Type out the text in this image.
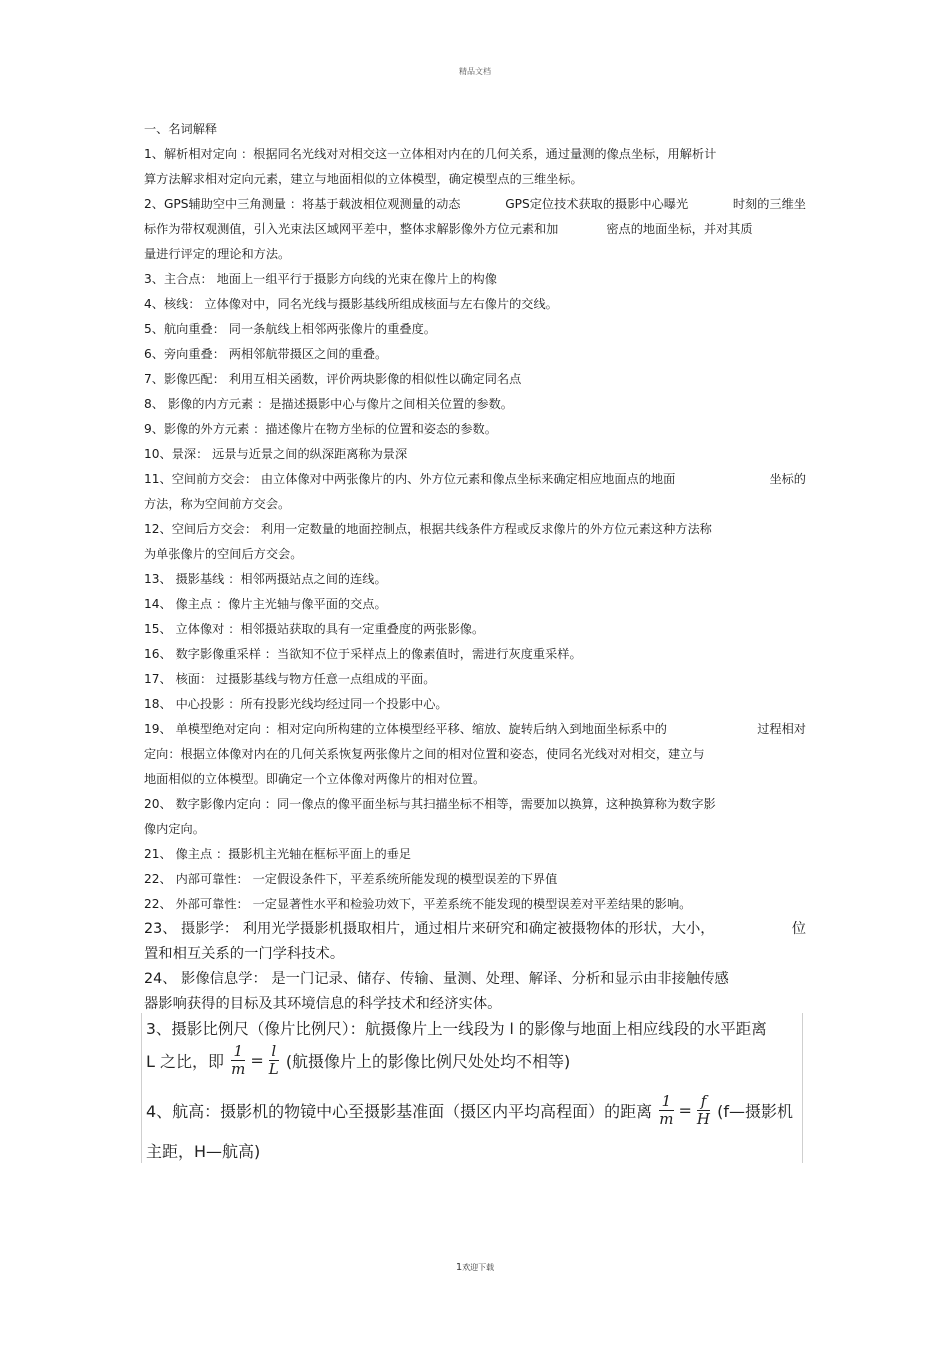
精品文档
一、名词解释
1、解析相对定向 ：根据同名光线对对相交这一立体相对内在的几何关系，通过量测的像点坐标，用解析计
算方法解求相对定向元素，建立与地面相似的立体模型，确定模型点的三维坐标。
2、GPS辅助空中三角测量 ：将基于载波相位观测量的动态	GPS定位技术获取的摄影中心曝光	时刻的三维坐
标作为带权观测值，引入光束法区域网平差中，整体求解影像外方位元素和加	密点的地面坐标，并对其质
量进行评定的理论和方法。
3、主合点： 地面上一组平行于摄影方向线的光束在像片上的构像
4、核线： 立体像对中，同名光线与摄影基线所组成核面与左右像片的交线。
5、航向重叠： 同一条航线上相邻两张像片的重叠度。
6、旁向重叠： 两相邻航带摄区之间的重叠。
7、影像匹配： 利用互相关函数，评价两块影像的相似性以确定同名点
8、 影像的内方元素 ：是描述摄影中心与像片之间相关位置的参数。
9、影像的外方元素 ：描述像片在物方坐标的位置和姿态的参数。
10、景深： 远景与近景之间的纵深距离称为景深
11、空间前方交会： 由立体像对中两张像片的内、外方位元素和像点坐标来确定相应地面点的地面	坐标的
方法，称为空间前方交会。
12、空间后方交会： 利用一定数量的地面控制点，根据共线条件方程或反求像片的外方位元素这种方法称
为单张像片的空间后方交会。
13、 摄影基线 ：相邻两摄站点之间的连线。
14、 像主点 ：像片主光轴与像平面的交点。
15、 立体像对 ：相邻摄站获取的具有一定重叠度的两张影像。
16、 数字影像重采样 ：当欲知不位于采样点上的像素值时，需进行灰度重采样。
17、 核面： 过摄影基线与物方任意一点组成的平面。
18、 中心投影 ：所有投影光线均经过同一个投影中心。
19、 单模型绝对定向 ：相对定向所构建的立体模型经平移、缩放、旋转后纳入到地面坐标系中的	过程相对
定向：根据立体像对内在的几何关系恢复两张像片之间的相对位置和姿态，使同名光线对对相交，建立与
地面相似的立体模型。即确定一个立体像对两像片的相对位置。
20、 数字影像内定向 ：同一像点的像平面坐标与其扫描坐标不相等，需要加以换算，这种换算称为数字影
像内定向。
21、 像主点 ：摄影机主光轴在框标平面上的垂足
22、 内部可靠性： 一定假设条件下，平差系统所能发现的模型误差的下界值
22、 外部可靠性： 一定显著性水平和检验功效下，平差系统不能发现的模型误差对平差结果的影响。
23、 摄影学： 利用光学摄影机摄取相片，通过相片来研究和确定被摄物体的形状，大小，	位
置和相互关系的一门学科技术。
24、 影像信息学： 是一门记录、储存、传输、量测、处理、解译、分析和显示由非接触传感
器影响获得的目标及其环境信息的科学技术和经济实体。
3、摄影比例尺（像片比例尺）：航摄像片上一线段为 l 的影像与地面上相应线段的水平距离
L 之比，即 $\frac{1}{m} = \frac{l}{L}$ (航摄像片上的影像比例尺处处均不相等)
4、航高：摄影机的物镜中心至摄影基准面（摄区内平均高程面）的距离 $\frac{1}{m} = \frac{f}{H}$ (f—摄影机
主距，H—航高)
1欢迎下载
